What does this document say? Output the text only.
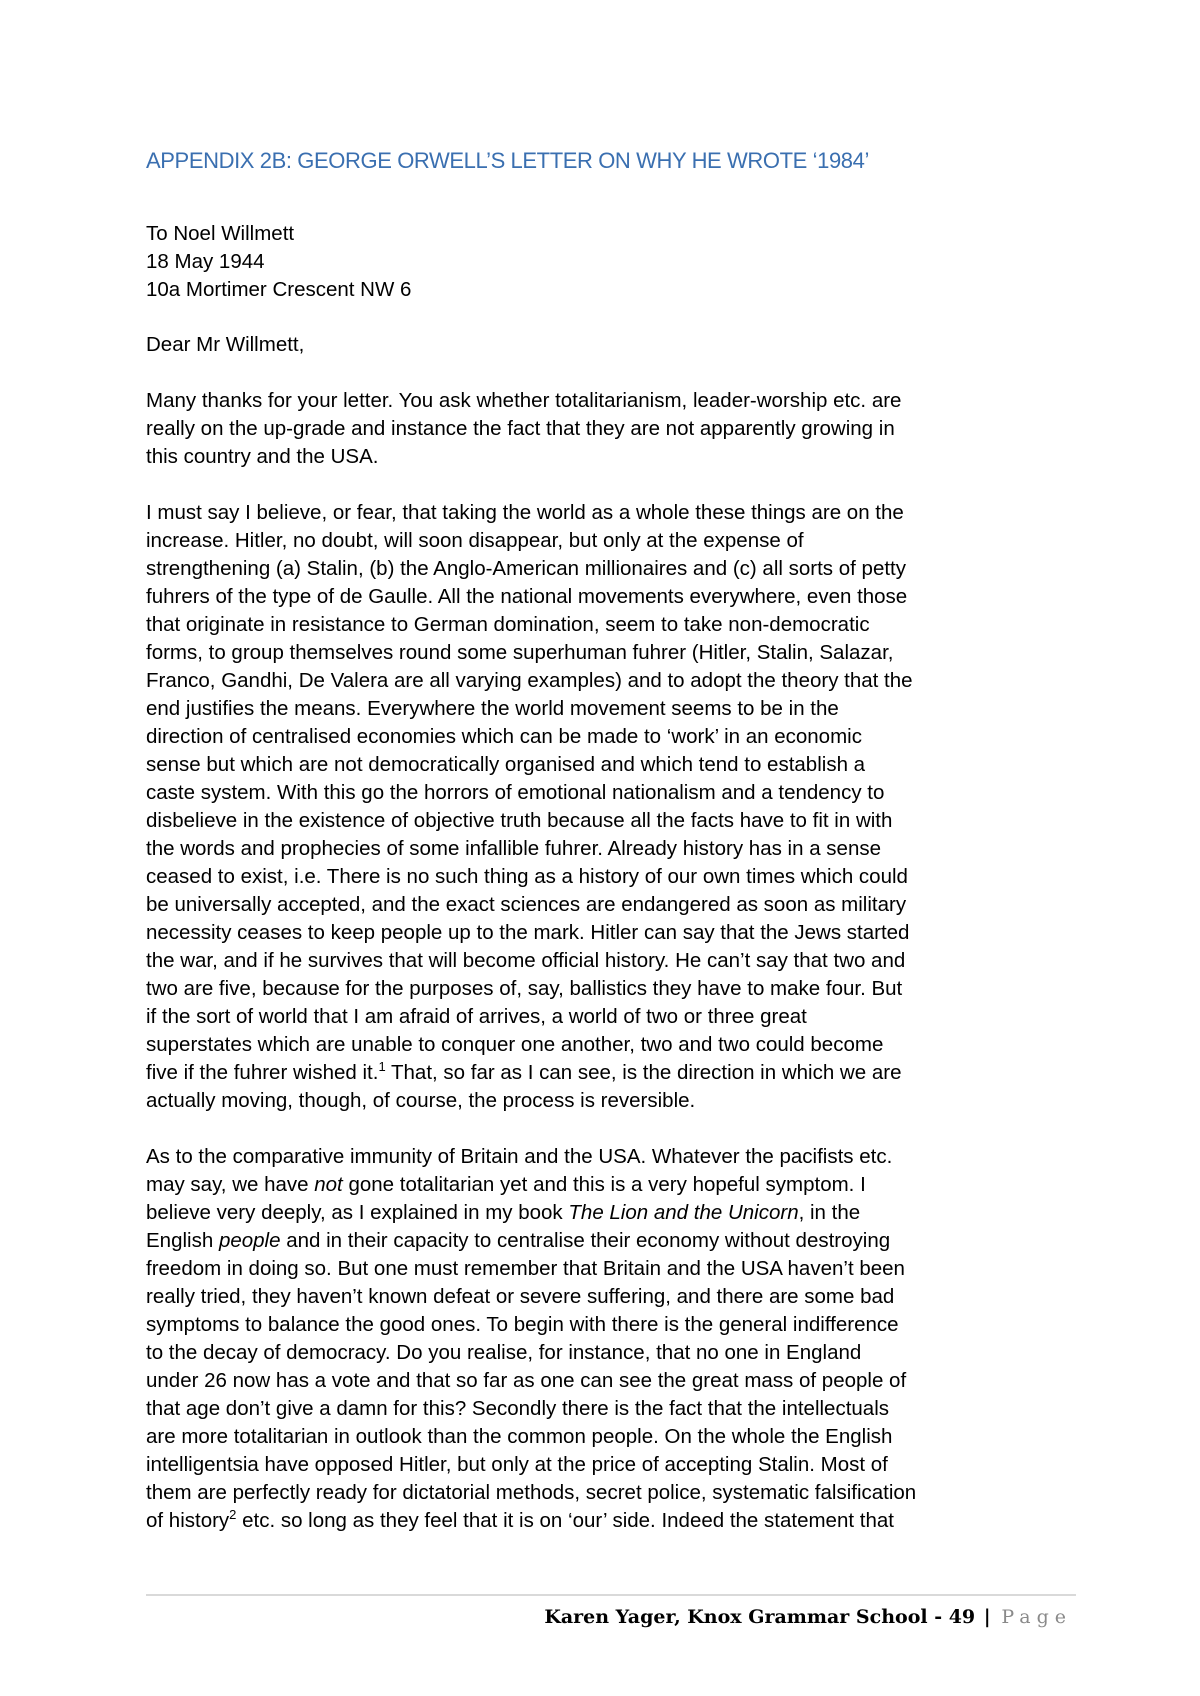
APPENDIX 2B: GEORGE ORWELL’S LETTER ON WHY HE WROTE ‘1984’
To Noel Willmett
18 May 1944
10a Mortimer Crescent NW 6
Dear Mr Willmett,
Many thanks for your letter. You ask whether totalitarianism, leader-worship etc. are
really on the up-grade and instance the fact that they are not apparently growing in
this country and the USA.
I must say I believe, or fear, that taking the world as a whole these things are on the
increase. Hitler, no doubt, will soon disappear, but only at the expense of
strengthening (a) Stalin, (b) the Anglo-American millionaires and (c) all sorts of petty
fuhrers of the type of de Gaulle. All the national movements everywhere, even those
that originate in resistance to German domination, seem to take non-democratic
forms, to group themselves round some superhuman fuhrer (Hitler, Stalin, Salazar,
Franco, Gandhi, De Valera are all varying examples) and to adopt the theory that the
end justifies the means. Everywhere the world movement seems to be in the
direction of centralised economies which can be made to ‘work’ in an economic
sense but which are not democratically organised and which tend to establish a
caste system. With this go the horrors of emotional nationalism and a tendency to
disbelieve in the existence of objective truth because all the facts have to fit in with
the words and prophecies of some infallible fuhrer. Already history has in a sense
ceased to exist, i.e. There is no such thing as a history of our own times which could
be universally accepted, and the exact sciences are endangered as soon as military
necessity ceases to keep people up to the mark. Hitler can say that the Jews started
the war, and if he survives that will become official history. He can’t say that two and
two are five, because for the purposes of, say, ballistics they have to make four. But
if the sort of world that I am afraid of arrives, a world of two or three great
superstates which are unable to conquer one another, two and two could become
five if the fuhrer wished it.$^1$ That, so far as I can see, is the direction in which we are
actually moving, though, of course, the process is reversible.
As to the comparative immunity of Britain and the USA. Whatever the pacifists etc.
may say, we have not gone totalitarian yet and this is a very hopeful symptom. I
believe very deeply, as I explained in my book The Lion and the Unicorn, in the
English people and in their capacity to centralise their economy without destroying
freedom in doing so. But one must remember that Britain and the USA haven’t been
really tried, they haven’t known defeat or severe suffering, and there are some bad
symptoms to balance the good ones. To begin with there is the general indifference
to the decay of democracy. Do you realise, for instance, that no one in England
under 26 now has a vote and that so far as one can see the great mass of people of
that age don’t give a damn for this? Secondly there is the fact that the intellectuals
are more totalitarian in outlook than the common people. On the whole the English
intelligentsia have opposed Hitler, but only at the price of accepting Stalin. Most of
them are perfectly ready for dictatorial methods, secret police, systematic falsification
of history$^2$ etc. so long as they feel that it is on ‘our’ side. Indeed the statement that
Karen Yager, Knox Grammar School - 49 | Page
